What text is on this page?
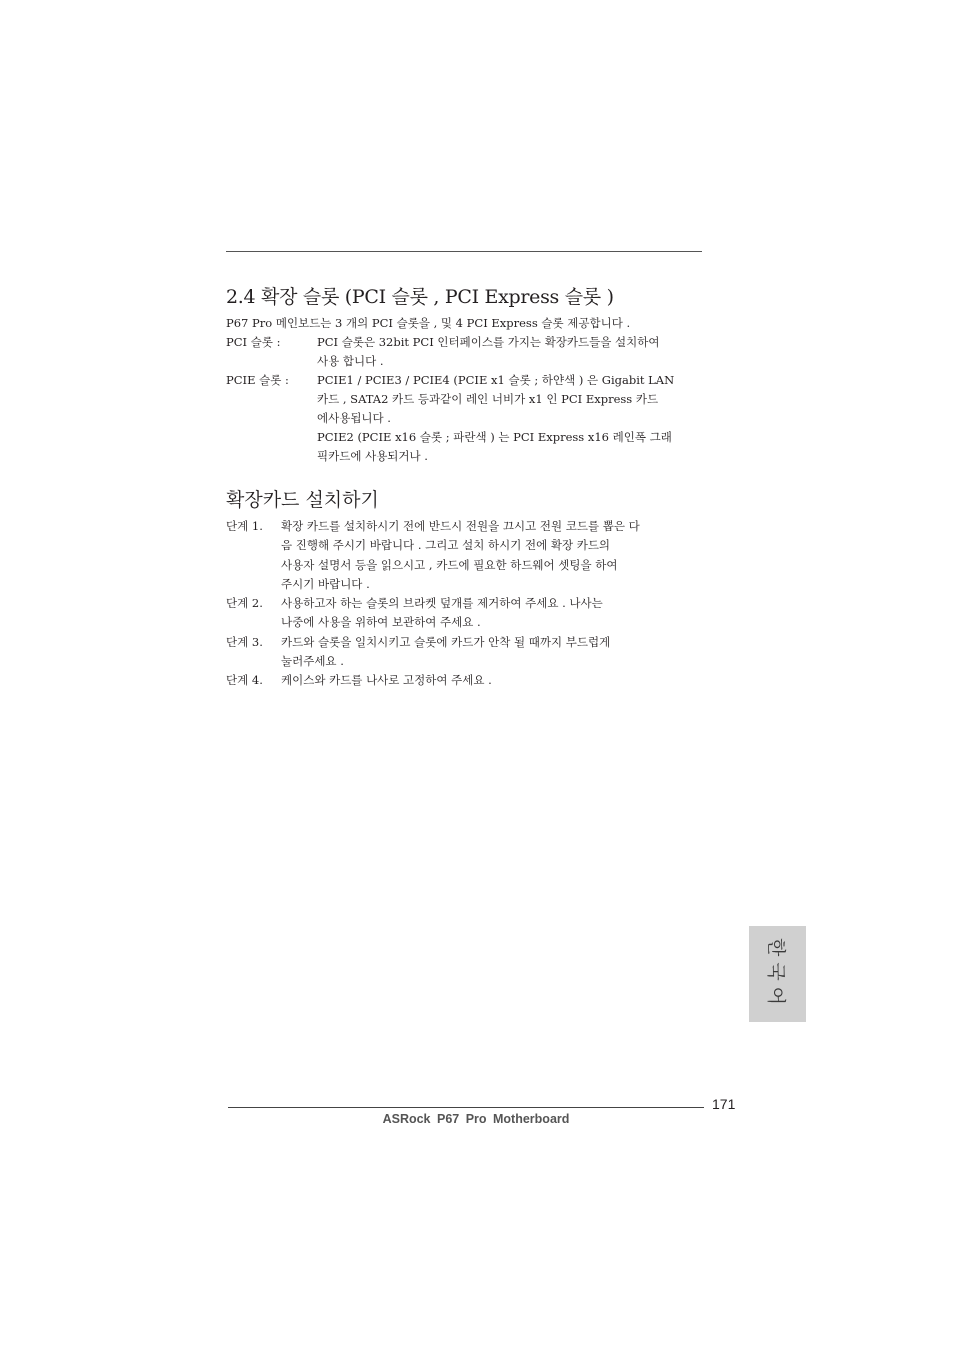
2.4 확장 슬롯 (PCI 슬롯 , PCI Express 슬롯 )
P67 Pro 메인보드는 3 개의 PCI 슬롯을 , 및 4 PCI Express 슬롯 제공합니다 .
PCI 슬롯 :	PCI 슬롯은 32bit PCI 인터페이스를 가지는 확장카드들을 설치하여
사용 합니다 .
PCIE 슬롯 :	PCIE1 / PCIE3 / PCIE4 (PCIE x1 슬롯 ; 하얀색 ) 은 Gigabit LAN
카드 , SATA2 카드 등과같이 레인 너비가 x1 인 PCI Express 카드
에사용됩니다 .
PCIE2 (PCIE x16 슬롯 ; 파란색 ) 는 PCI Express x16 레인폭 그래
픽카드에 사용되거나 .
확장카드 설치하기
단계 1.	확장 카드를 설치하시기 전에 반드시 전원을 끄시고 전원 코드를 뽑은 다
음 진행해 주시기 바랍니다 . 그리고 설치 하시기 전에 확장 카드의
사용자 설명서 등을 읽으시고 , 카드에 필요한 하드웨어 셋팅을 하여
주시기 바랍니다 .
단계 2.	사용하고자 하는 슬롯의 브라켓 덮개를 제거하여 주세요 . 나사는
나중에 사용을 위하여 보관하여 주세요 .
단계 3.	카드와 슬롯을 일치시키고 슬롯에 카드가 안착 될 때까지 부드럽게
눌러주세요 .
단계 4.	케이스와 카드를 나사로 고정하여 주세요 .
한국어
171
ASRock P67 Pro Motherboard
